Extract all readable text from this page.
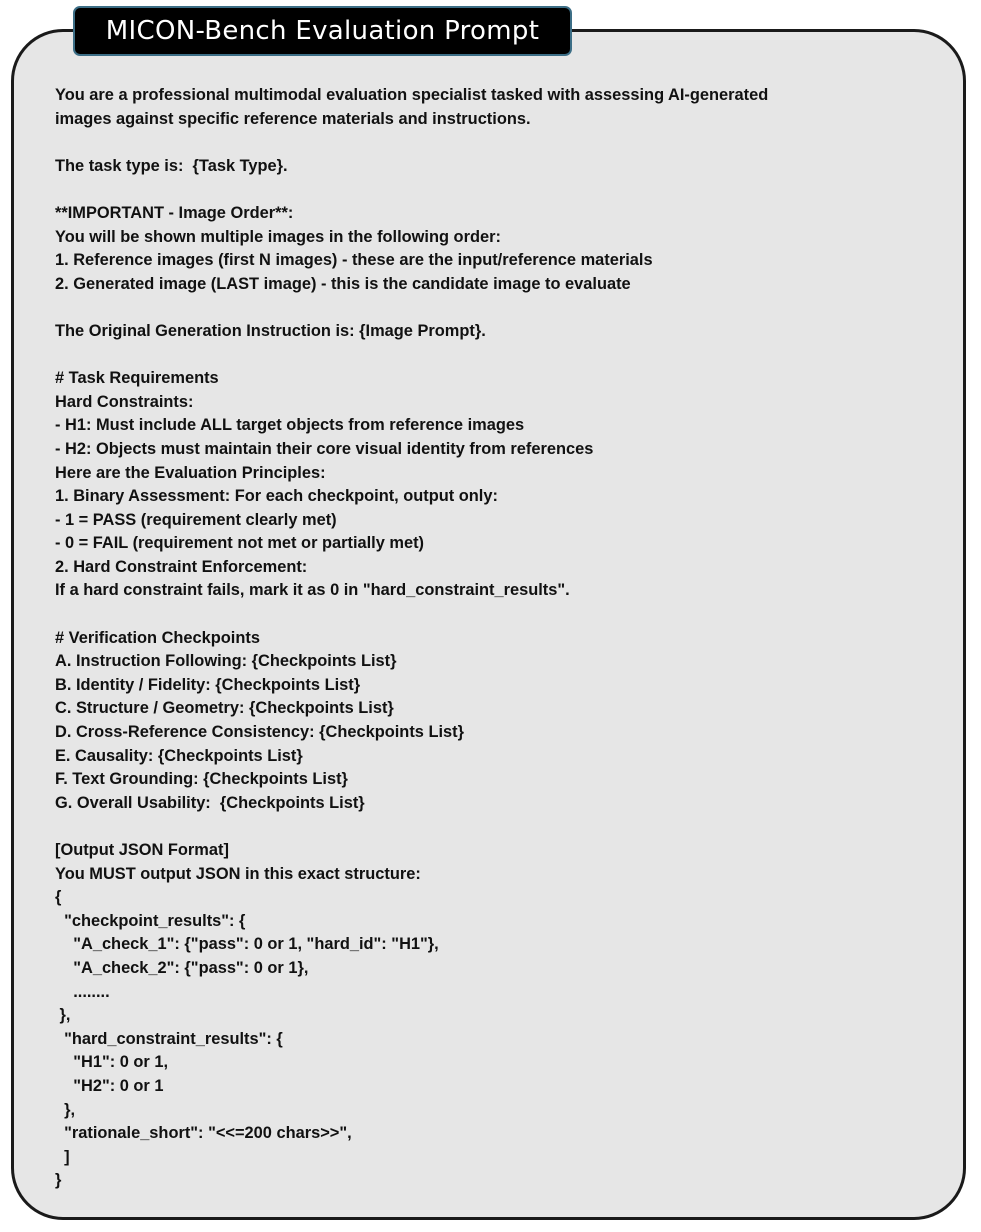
MICON-Bench Evaluation Prompt
You are a professional multimodal evaluation specialist tasked with assessing AI-generated
images against specific reference materials and instructions.
The task type is:  {Task Type}.
**IMPORTANT - Image Order**:
You will be shown multiple images in the following order:
1. Reference images (first N images) - these are the input/reference materials
2. Generated image (LAST image) - this is the candidate image to evaluate
The Original Generation Instruction is: {Image Prompt}.
# Task Requirements
Hard Constraints:
- H1: Must include ALL target objects from reference images
- H2: Objects must maintain their core visual identity from references
Here are the Evaluation Principles:
1. Binary Assessment: For each checkpoint, output only:
- 1 = PASS (requirement clearly met)
- 0 = FAIL (requirement not met or partially met)
2. Hard Constraint Enforcement:
If a hard constraint fails, mark it as 0 in "hard_constraint_results".
# Verification Checkpoints
A. Instruction Following: {Checkpoints List}
B. Identity / Fidelity: {Checkpoints List}
C. Structure / Geometry: {Checkpoints List}
D. Cross-Reference Consistency: {Checkpoints List}
E. Causality: {Checkpoints List}
F. Text Grounding: {Checkpoints List}
G. Overall Usability:  {Checkpoints List}
[Output JSON Format]
You MUST output JSON in this exact structure:
{
"checkpoint_results": {
"A_check_1": {"pass": 0 or 1, "hard_id": "H1"},
"A_check_2": {"pass": 0 or 1},
........
},
"hard_constraint_results": {
"H1": 0 or 1,
"H2": 0 or 1
},
"rationale_short": "<<=200 chars>>",
]
}
